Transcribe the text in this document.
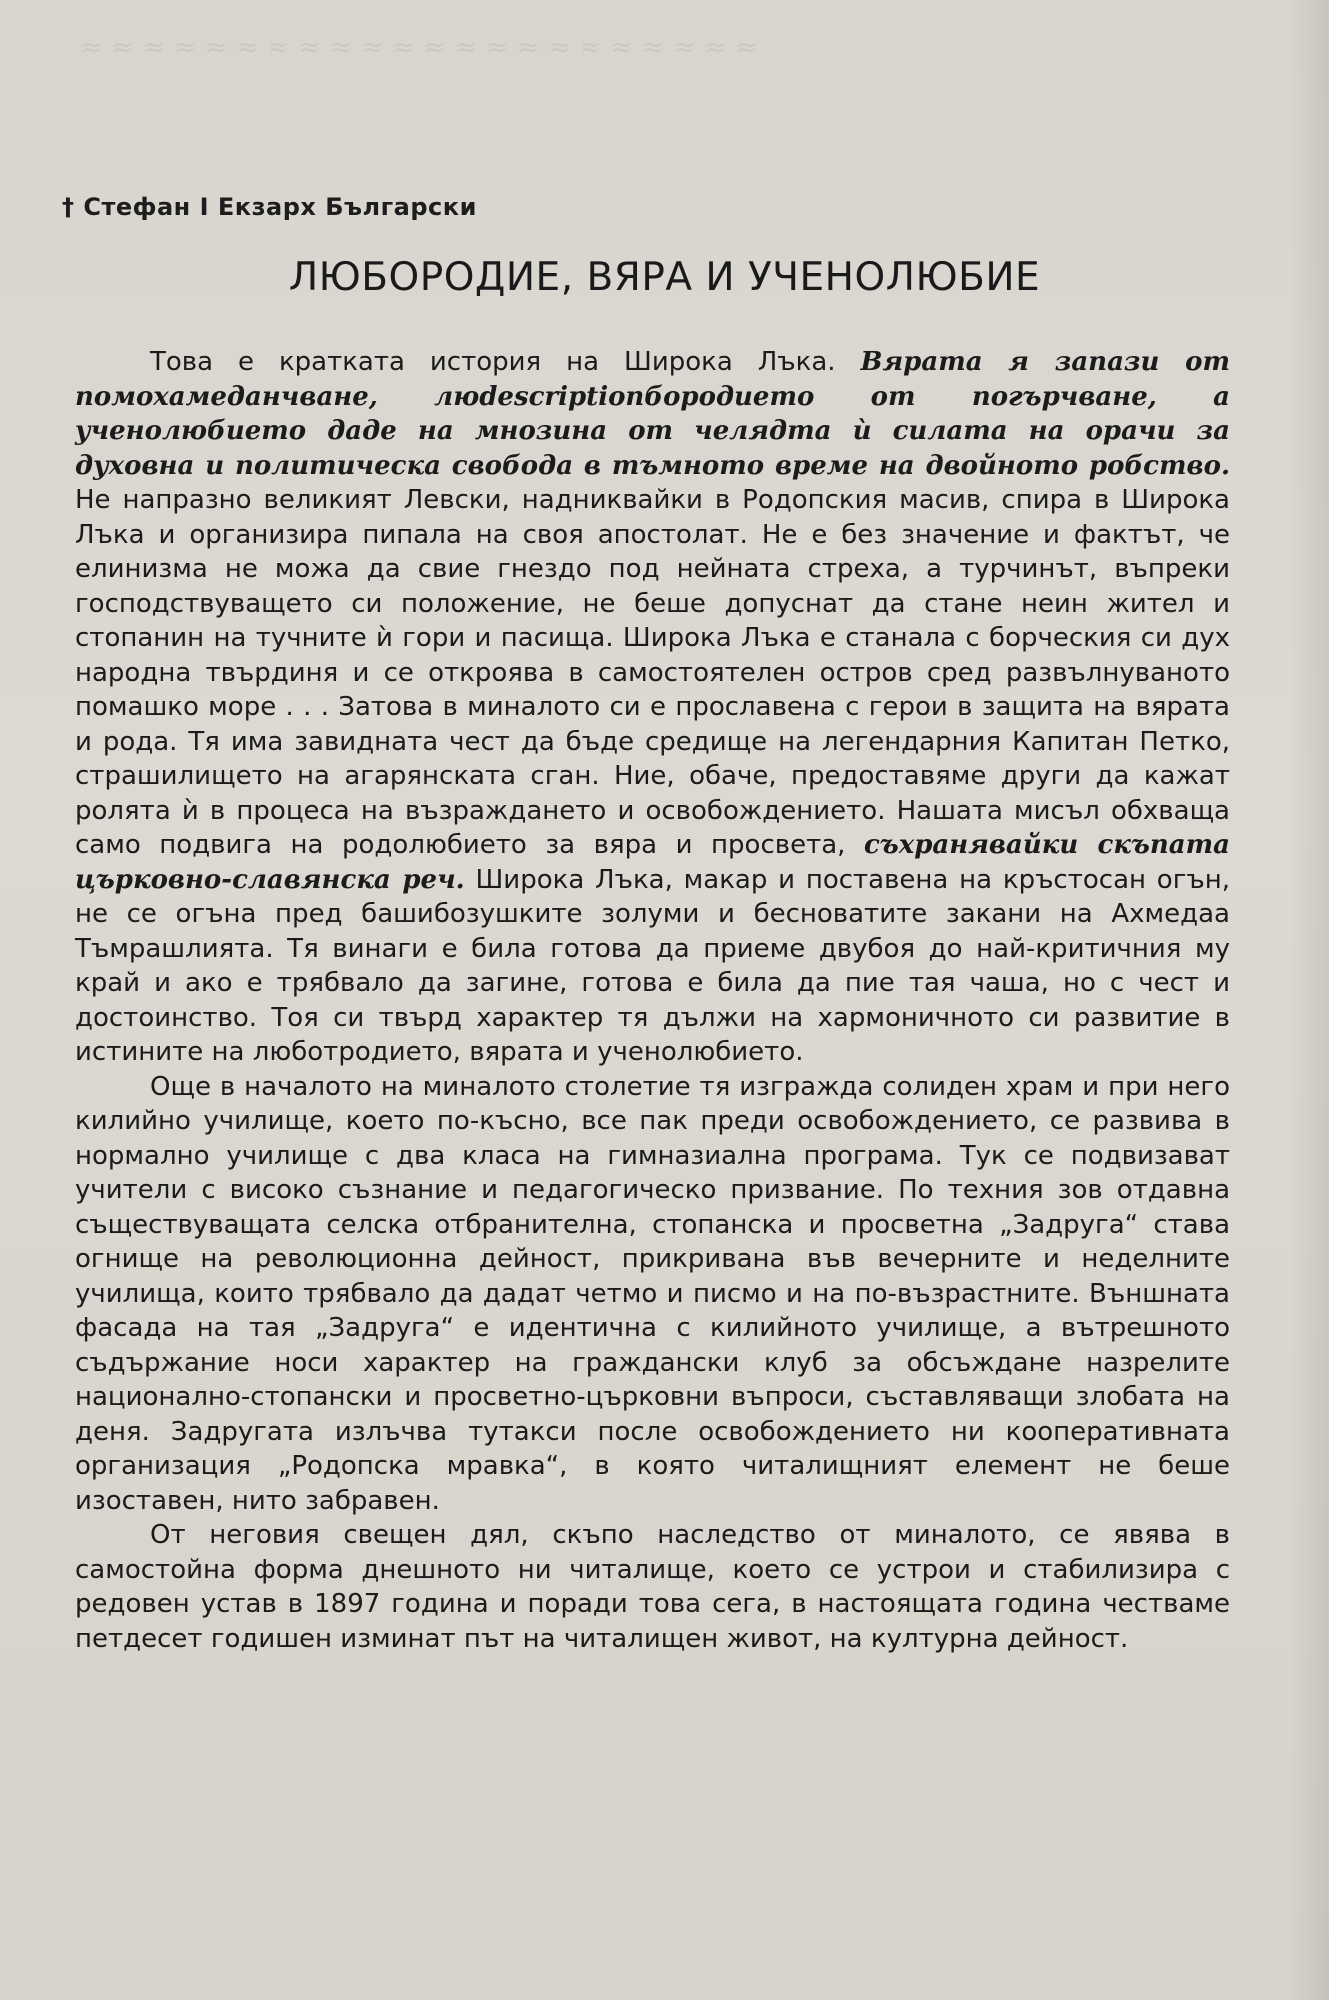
≈ ≈ ≈ ≈ ≈ ≈ ≈ ≈ ≈ ≈ ≈ ≈ ≈ ≈ ≈ ≈ ≈ ≈ ≈ ≈ ≈ ≈
† Стефан I Екзарх Български
ЛЮБОРОДИЕ, ВЯРА И УЧЕНОЛЮБИЕ

Това е кратката история на Широка Лъка. Вярата я запази от помохамеданчване, люdescriptionбородието от погърчване, а ученолюбието даде на мнозина от челядта ѝ силата на орачи за духовна и политическа свобода в тъмното време на двойното робство. Не напразно великият Левски, надниквайки в Родопския масив, спира в Широка Лъка и организира пипала на своя апостолат. Не е без значение и фактът, че елинизма не можа да свие гнездо под нейната стреха, а турчинът, въпреки господствуващето си положение, не беше допуснат да стане неин жител и стопанин на тучните ѝ гори и пасища. Широка Лъка е станала с борческия си дух народна твърдиня и се откроява в самостоятелен остров сред развълнуваното помашко море . . . Затова в миналото си е прославена с герои в защита на вярата и рода. Тя има завидната чест да бъде средище на легендарния Капитан Петко, страшилището на агарянската сган. Ние, обаче, предоставяме други да кажат ролята ѝ в процеса на възраждането и освобождението. Нашата мисъл обхваща само подвига на родолюбието за вяра и просвета, съхранявайки скъпата църковно-славянска реч. Широка Лъка, макар и поставена на кръстосан огън, не се огъна пред башибозушките золуми и бесноватите закани на Ахмедаа Тъмрашлията. Тя винаги е била готова да приеме двубоя до най-критичния му край и ако е трябвало да загине, готова е била да пие тая чаша, но с чест и достоинство. Тоя си твърд характер тя дължи на хармоничното си развитие в истините на люботродието, вярата и ученолюбието.

Още в началото на миналото столетие тя изгражда солиден храм и при него килийно училище, което по-късно, все пак преди освобождението, се развива в нормално училище с два класа на гимназиална програма. Тук се подвизават учители с високо съзнание и педагогическо призвание. По техния зов отдавна съществуващата селска отбранителна, стопанска и просветна „Задруга“ става огнище на революционна дейност, прикривана във вечерните и неделните училища, които трябвало да дадат четмо и писмо и на по-възрастните. Външната фасада на тая „Задруга“ е идентична с килийното училище, а вътрешното съдържание носи характер на граждански клуб за обсъждане назрелите национално-стопански и просветно-църковни въпроси, съставляващи злобата на деня. Задругата излъчва тутакси после освобождението ни кооперативната организация „Родопска мравка“, в която читалищният елемент не беше изоставен, нито забравен.

От неговия свещен дял, скъпо наследство от миналото, се явява в самостойна форма днешното ни читалище, което се устрои и стабилизира с редовен устав в 1897 година и поради това сега, в настоящата година честваме петдесет годишен изминат път на читалищен живот, на културна дейност.
